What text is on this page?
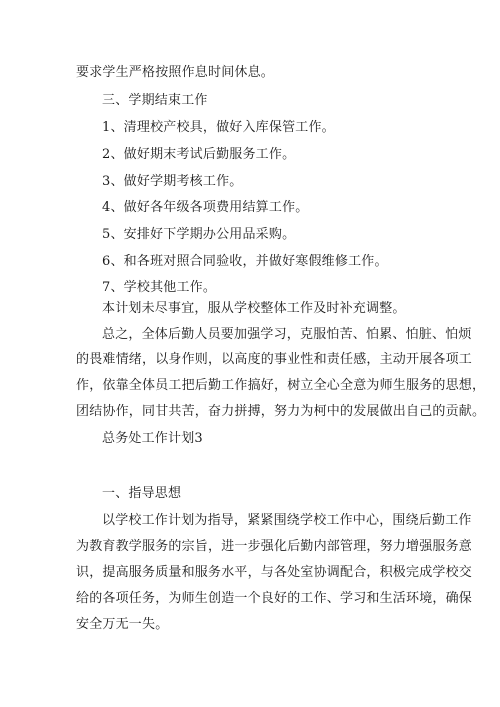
要求学生严格按照作息时间休息。
三、学期结束工作
1、清理校产校具，做好入库保管工作。
2、做好期末考试后勤服务工作。
3、做好学期考核工作。
4、做好各年级各项费用结算工作。
5、安排好下学期办公用品采购。
6、和各班对照合同验收，并做好寒假维修工作。
7、学校其他工作。
本计划未尽事宜，服从学校整体工作及时补充调整。
总之，全体后勤人员要加强学习，克服怕苦、怕累、怕脏、怕烦
的畏难情绪，以身作则，以高度的事业性和责任感，主动开展各项工
作，依靠全体员工把后勤工作搞好，树立全心全意为师生服务的思想，
团结协作，同甘共苦，奋力拼搏，努力为柯中的发展做出自己的贡献。
总务处工作计划3
一、指导思想
以学校工作计划为指导，紧紧围绕学校工作中心，围绕后勤工作
为教育教学服务的宗旨，进一步强化后勤内部管理，努力增强服务意
识，提高服务质量和服务水平，与各处室协调配合，积极完成学校交
给的各项任务，为师生创造一个良好的工作、学习和生活环境，确保
安全万无一失。
